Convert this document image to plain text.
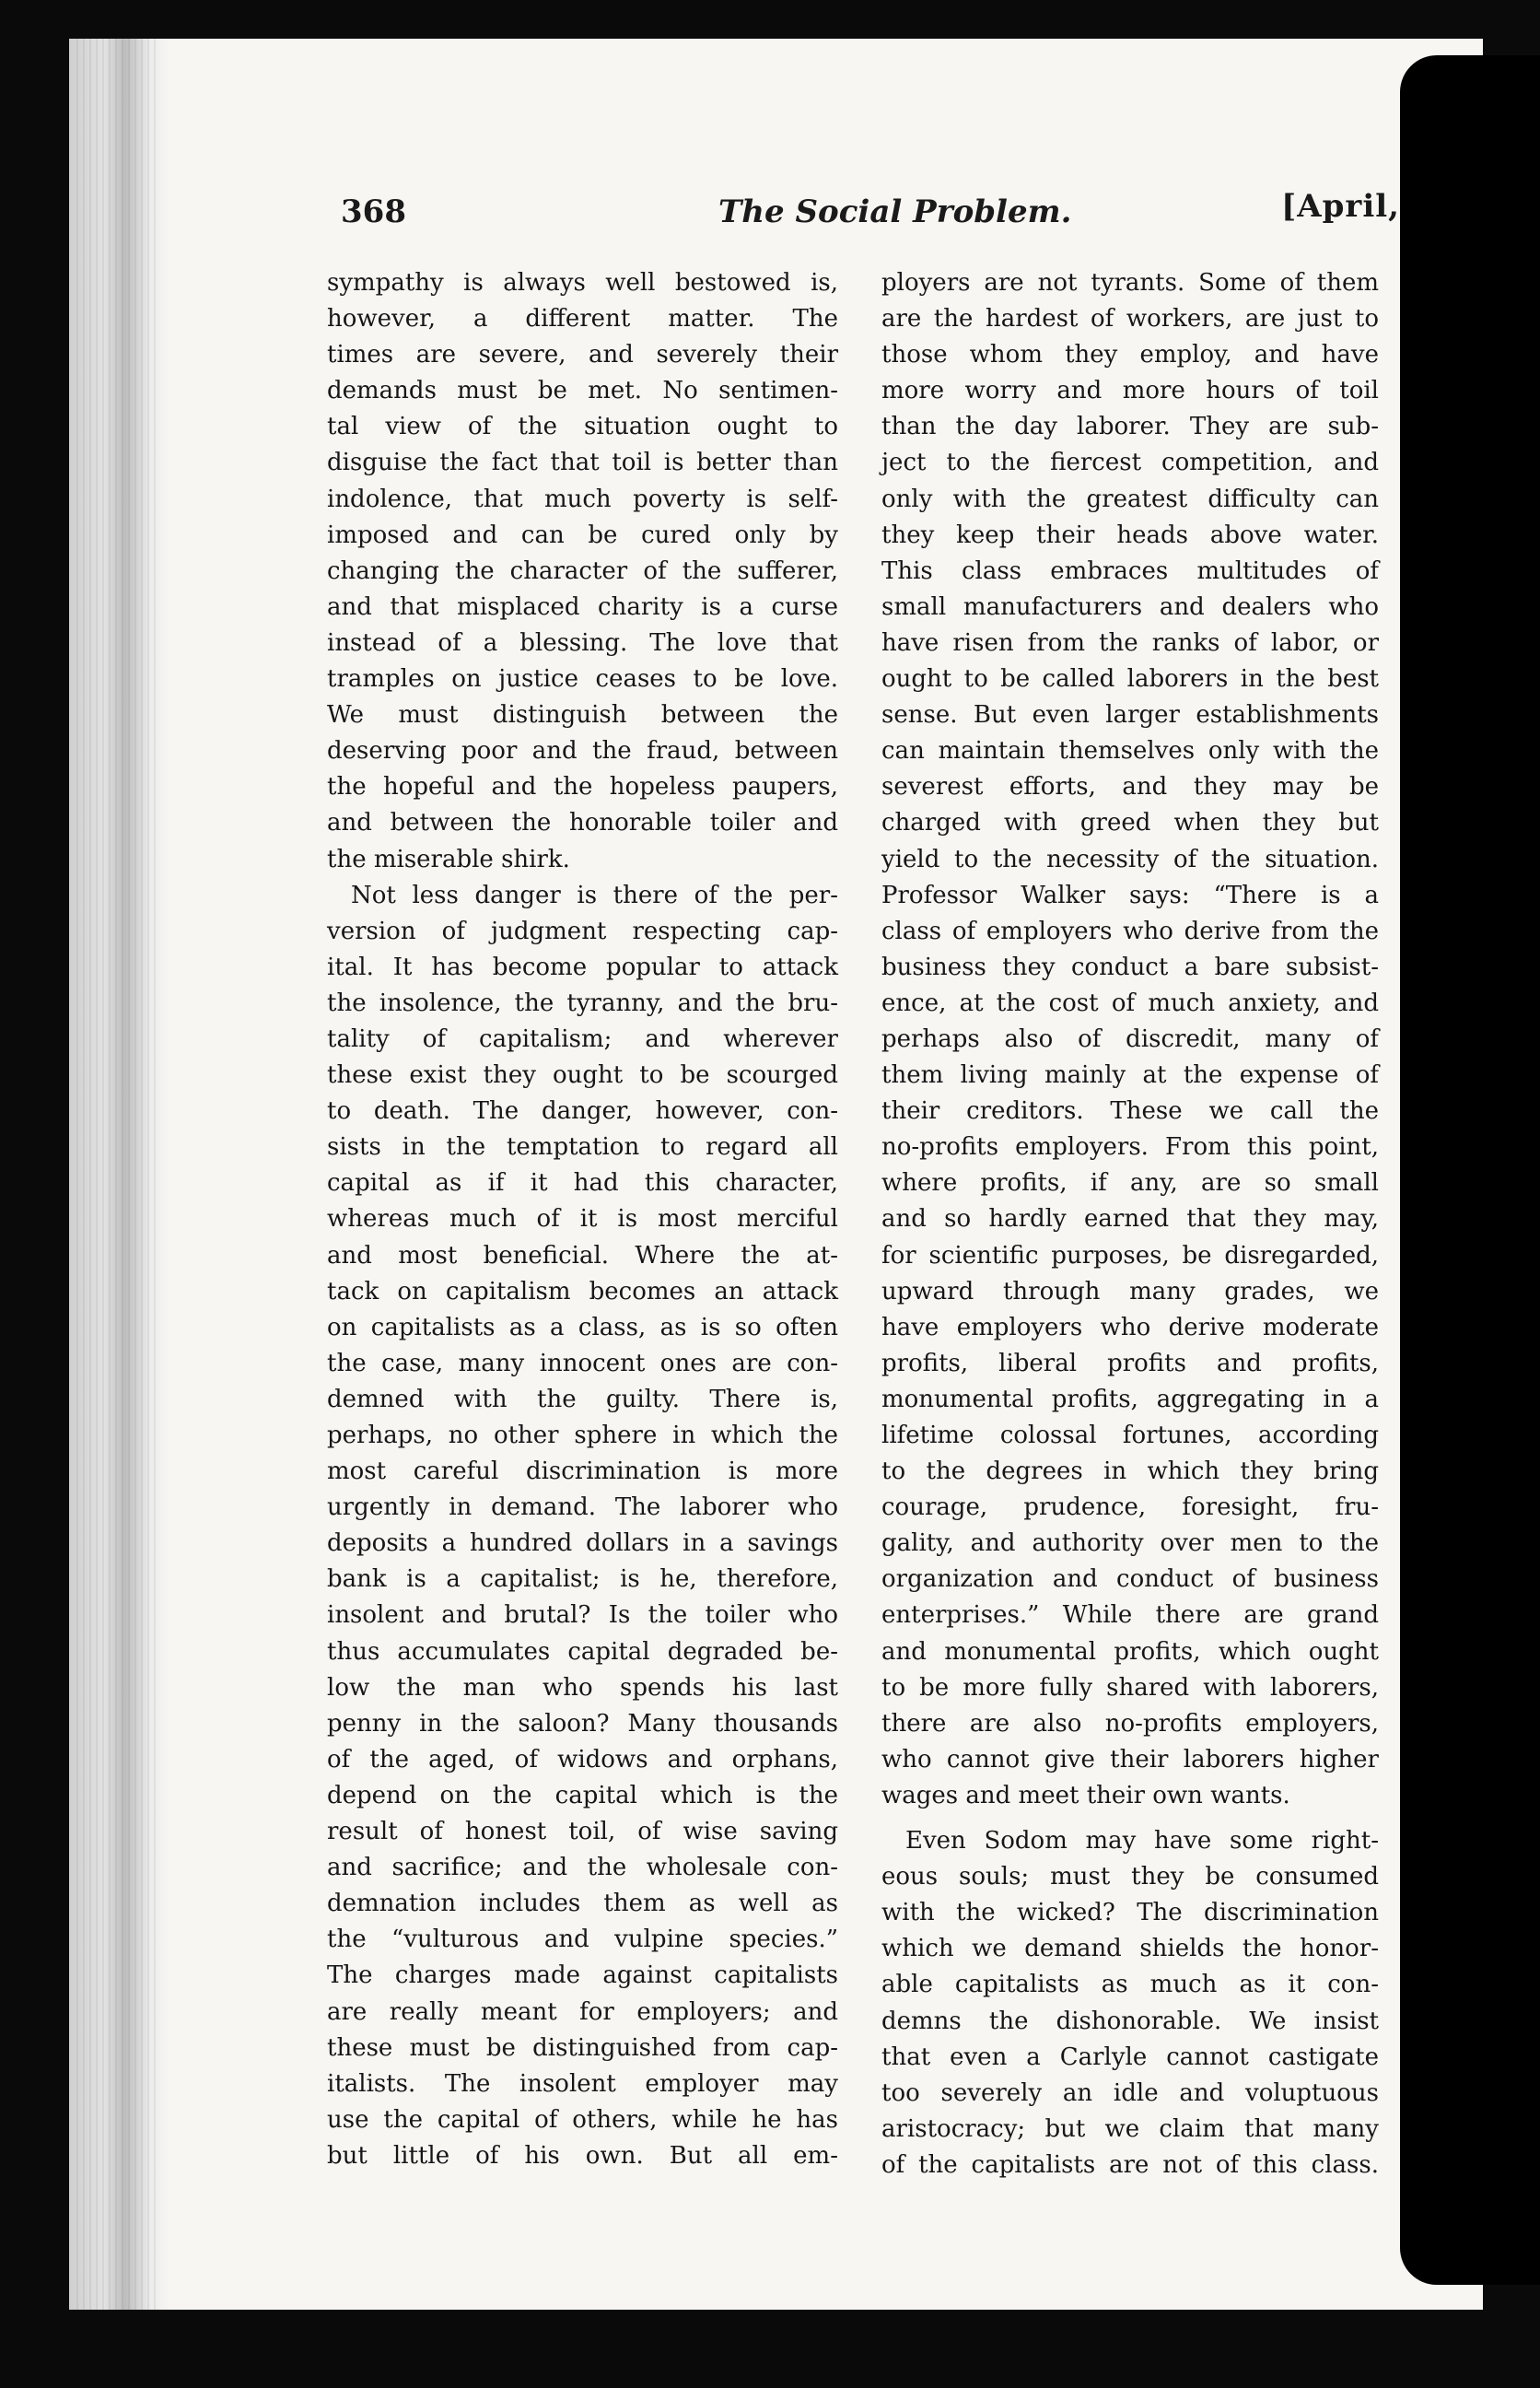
368	The Social Problem.	[April,
sympathy is always well bestowed is,
however, a different matter. The
times are severe, and severely their
demands must be met. No sentimen-
tal view of the situation ought to
disguise the fact that toil is better than
indolence, that much poverty is self-
imposed and can be cured only by
changing the character of the sufferer,
and that misplaced charity is a curse
instead of a blessing. The love that
tramples on justice ceases to be love.
We must distinguish between the
deserving poor and the fraud, between
the hopeful and the hopeless paupers,
and between the honorable toiler and
the miserable shirk.
Not less danger is there of the per-
version of judgment respecting cap-
ital. It has become popular to attack
the insolence, the tyranny, and the bru-
tality of capitalism; and wherever
these exist they ought to be scourged
to death. The danger, however, con-
sists in the temptation to regard all
capital as if it had this character,
whereas much of it is most merciful
and most beneficial. Where the at-
tack on capitalism becomes an attack
on capitalists as a class, as is so often
the case, many innocent ones are con-
demned with the guilty. There is,
perhaps, no other sphere in which the
most careful discrimination is more
urgently in demand. The laborer who
deposits a hundred dollars in a savings
bank is a capitalist; is he, therefore,
insolent and brutal? Is the toiler who
thus accumulates capital degraded be-
low the man who spends his last
penny in the saloon? Many thousands
of the aged, of widows and orphans,
depend on the capital which is the
result of honest toil, of wise saving
and sacrifice; and the wholesale con-
demnation includes them as well as
the “vulturous and vulpine species.”
The charges made against capitalists
are really meant for employers; and
these must be distinguished from cap-
italists. The insolent employer may
use the capital of others, while he has
but little of his own. But all em-
ployers are not tyrants. Some of them
are the hardest of workers, are just to
those whom they employ, and have
more worry and more hours of toil
than the day laborer. They are sub-
ject to the fiercest competition, and
only with the greatest difficulty can
they keep their heads above water.
This class embraces multitudes of
small manufacturers and dealers who
have risen from the ranks of labor, or
ought to be called laborers in the best
sense. But even larger establishments
can maintain themselves only with the
severest efforts, and they may be
charged with greed when they but
yield to the necessity of the situation.
Professor Walker says: “There is a
class of employers who derive from the
business they conduct a bare subsist-
ence, at the cost of much anxiety, and
perhaps also of discredit, many of
them living mainly at the expense of
their creditors. These we call the
no-profits employers. From this point,
where profits, if any, are so small
and so hardly earned that they may,
for scientific purposes, be disregarded,
upward through many grades, we
have employers who derive moderate
profits, liberal profits and profits,
monumental profits, aggregating in a
lifetime colossal fortunes, according
to the degrees in which they bring
courage, prudence, foresight, fru-
gality, and authority over men to the
organization and conduct of business
enterprises.” While there are grand
and monumental profits, which ought
to be more fully shared with laborers,
there are also no-profits employers,
who cannot give their laborers higher
wages and meet their own wants.
Even Sodom may have some right-
eous souls; must they be consumed
with the wicked? The discrimination
which we demand shields the honor-
able capitalists as much as it con-
demns the dishonorable. We insist
that even a Carlyle cannot castigate
too severely an idle and voluptuous
aristocracy; but we claim that many
of the capitalists are not of this class.
